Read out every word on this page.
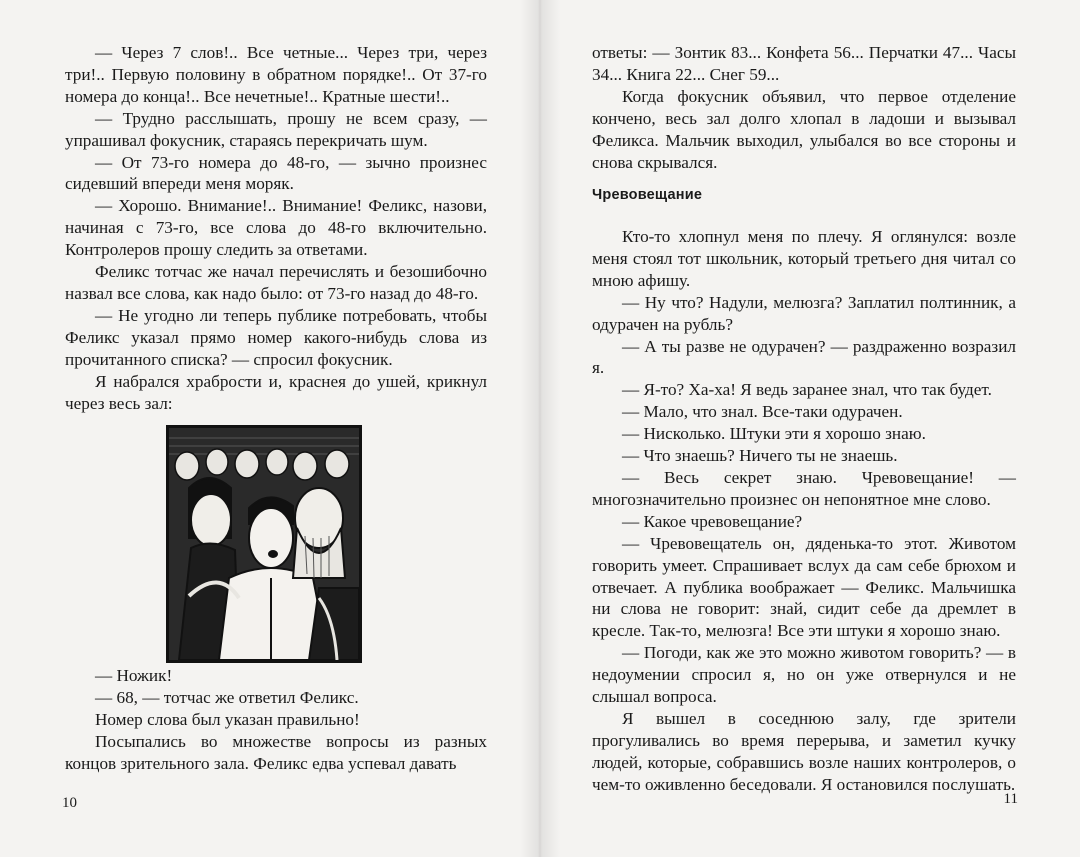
— Через 7 слов!.. Все четные... Через три, через три!.. Первую половину в обратном порядке!.. От 37-го номера до конца!.. Все нечетные!.. Кратные шести!..

— Трудно расслышать, прошу не всем сразу, — упрашивал фокусник, стараясь перекричать шум.

— От 73-го номера до 48-го, — зычно произнес сидевший впереди меня моряк.

— Хорошо. Внимание!.. Внимание! Феликс, назови, начиная с 73-го, все слова до 48-го включительно. Контролеров прошу следить за ответами.

Феликс тотчас же начал перечислять и безошибочно назвал все слова, как надо было: от 73-го назад до 48-го.

— Не угодно ли теперь публике потребовать, чтобы Феликс указал прямо номер какого-нибудь слова из прочитанного списка? — спросил фокусник.

Я набрался храбрости и, краснея до ушей, крикнул через весь зал:

— Ножик!

— 68, — тотчас же ответил Феликс.

Номер слова был указан правильно!

Посыпались во множестве вопросы из разных концов зрительного зала. Феликс едва успевал давать

10

ответы: — Зонтик 83... Конфета 56... Перчатки 47... Часы 34... Книга 22... Снег 59...

Когда фокусник объявил, что первое отделение кончено, весь зал долго хлопал в ладоши и вызывал Феликса. Мальчик выходил, улыбался во все стороны и снова скрывался.

Чревовещание

Кто-то хлопнул меня по плечу. Я оглянулся: возле меня стоял тот школьник, который третьего дня читал со мною афишу.

— Ну что? Надули, мелюзга? Заплатил полтинник, а одурачен на рубль?

— А ты разве не одурачен? — раздраженно возразил я.

— Я-то? Ха-ха! Я ведь заранее знал, что так будет.

— Мало, что знал. Все-таки одурачен.

— Нисколько. Штуки эти я хорошо знаю.

— Что знаешь? Ничего ты не знаешь.

— Весь секрет знаю. Чревовещание! — многозначительно произнес он непонятное мне слово.

— Какое чревовещание?

— Чревовещатель он, дяденька-то этот. Животом говорить умеет. Спрашивает вслух да сам себе брюхом и отвечает. А публика воображает — Феликс. Мальчишка ни слова не говорит: знай, сидит себе да дремлет в кресле. Так-то, мелюзга! Все эти штуки я хорошо знаю.

— Погоди, как же это можно животом говорить? — в недоумении спросил я, но он уже отвернулся и не слышал вопроса.

Я вышел в соседнюю залу, где зрители прогуливались во время перерыва, и заметил кучку людей, которые, собравшись возле наших контролеров, о чем-то оживленно беседовали. Я остановился послушать.

11
